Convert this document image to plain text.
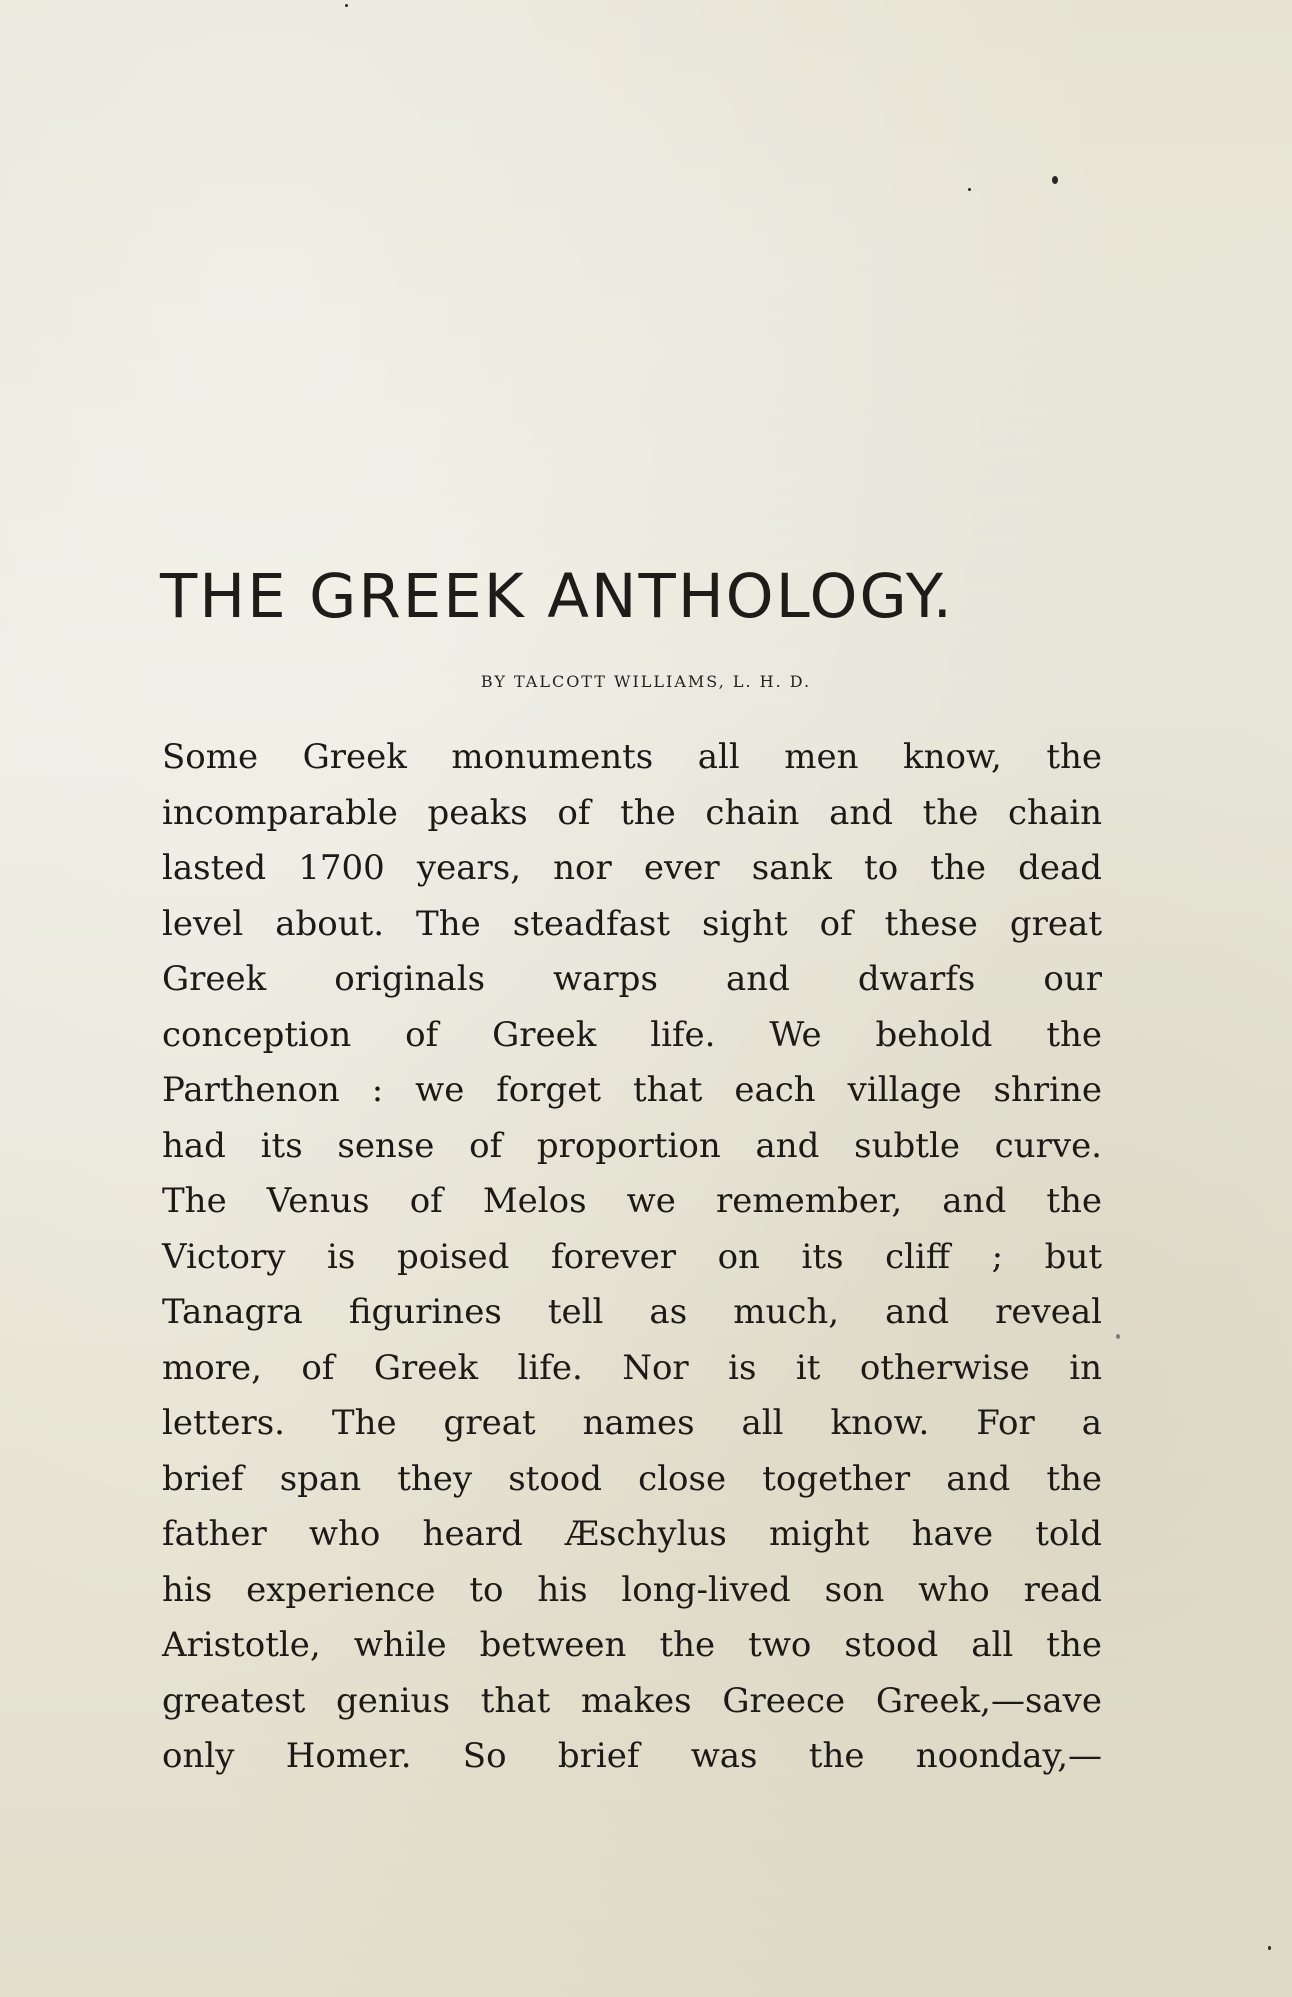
THE GREEK ANTHOLOGY.

BY TALCOTT WILLIAMS, L. H. D.

Some Greek monuments all men know, the
incomparable peaks of the chain and the chain
lasted 1700 years, nor ever sank to the dead
level about. The steadfast sight of these great
Greek originals warps and dwarfs our
conception of Greek life. We behold the
Parthenon : we forget that each village shrine
had its sense of proportion and subtle curve.
The Venus of Melos we remember, and the
Victory is poised forever on its cliff ; but
Tanagra figurines tell as much, and reveal
more, of Greek life. Nor is it otherwise in
letters. The great names all know. For a
brief span they stood close together and the
father who heard Æschylus might have told
his experience to his long-lived son who read
Aristotle, while between the two stood all the
greatest genius that makes Greece Greek,—save
only Homer. So brief was the noonday,—
